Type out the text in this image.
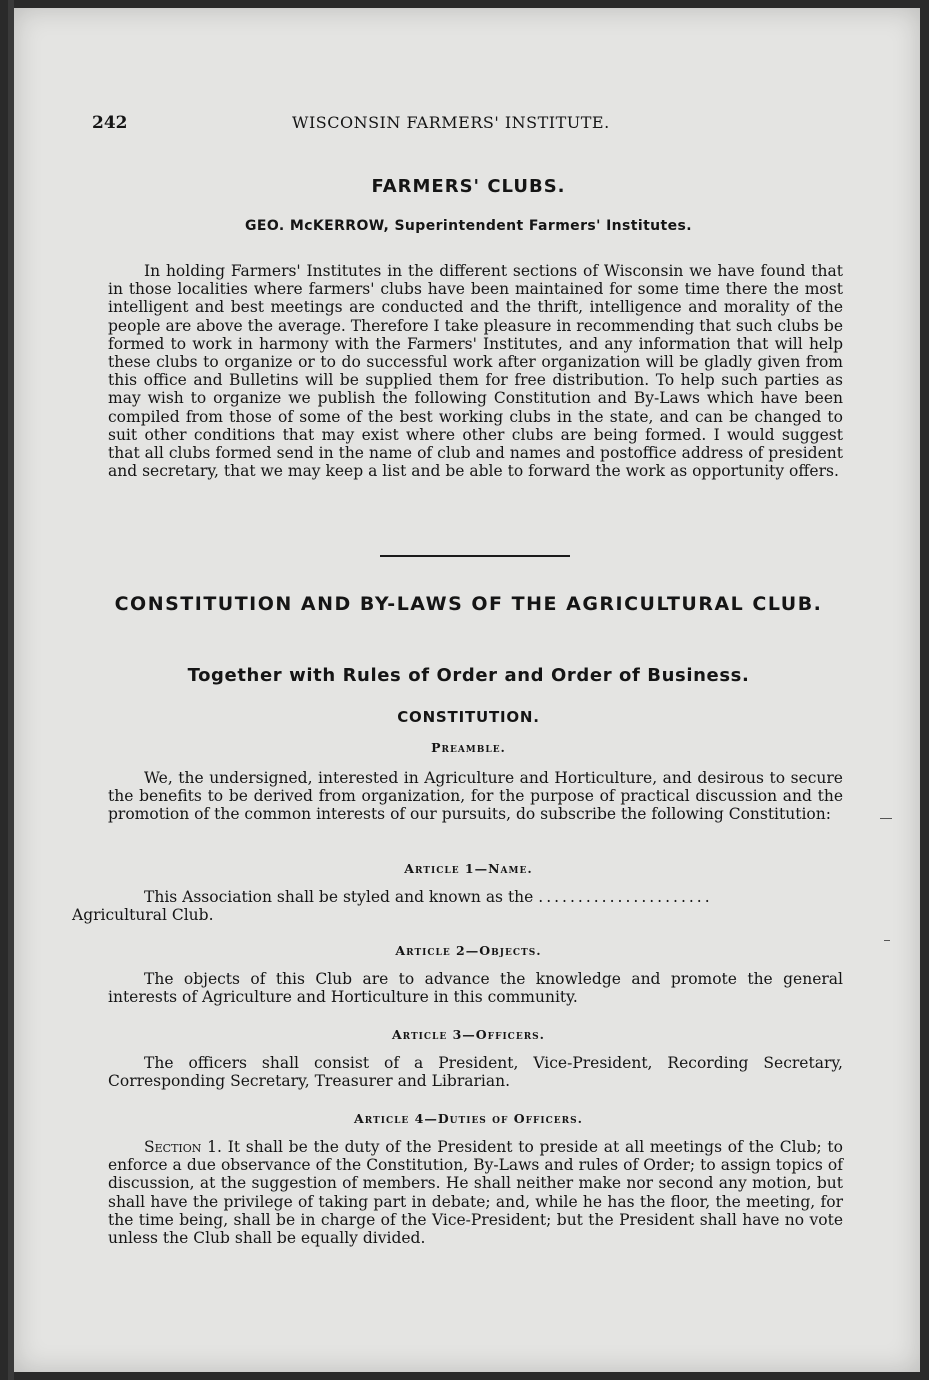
242	WISCONSIN FARMERS' INSTITUTE.
FARMERS' CLUBS.
GEO. McKERROW, Superintendent Farmers' Institutes.

In holding Farmers' Institutes in the different sections of Wisconsin we have found that in those localities where farmers' clubs have been maintained for some time there the most intelligent and best meetings are conducted and the thrift, intelligence and morality of the people are above the average. Therefore I take pleasure in recommending that such clubs be formed to work in harmony with the Farmers' Institutes, and any information that will help these clubs to organize or to do successful work after organization will be gladly given from this office and Bulletins will be supplied them for free distribution. To help such parties as may wish to organize we publish the following Constitution and By-Laws which have been compiled from those of some of the best working clubs in the state, and can be changed to suit other conditions that may exist where other clubs are being formed. I would suggest that all clubs formed send in the name of club and names and postoffice address of president and secretary, that we may keep a list and be able to forward the work as opportunity offers.

CONSTITUTION AND BY-LAWS OF THE AGRICULTURAL CLUB.
Together with Rules of Order and Order of Business.
CONSTITUTION.
Preamble.

We, the undersigned, interested in Agriculture and Horticulture, and desirous to secure the benefits to be derived from organization, for the purpose of practical discussion and the promotion of the common interests of our pursuits, do subscribe the following Constitution:

Article 1—Name.

This Association shall be styled and known as the ......................
Agricultural Club.

Article 2—Objects.

The objects of this Club are to advance the knowledge and promote the general interests of Agriculture and Horticulture in this community.

Article 3—Officers.

The officers shall consist of a President, Vice-President, Recording Secretary, Corresponding Secretary, Treasurer and Librarian.

Article 4—Duties of Officers.

Section 1. It shall be the duty of the President to preside at all meetings of the Club; to enforce a due observance of the Constitution, By-Laws and rules of Order; to assign topics of discussion, at the suggestion of members. He shall neither make nor second any motion, but shall have the privilege of taking part in debate; and, while he has the floor, the meeting, for the time being, shall be in charge of the Vice-President; but the President shall have no vote unless the Club shall be equally divided.
